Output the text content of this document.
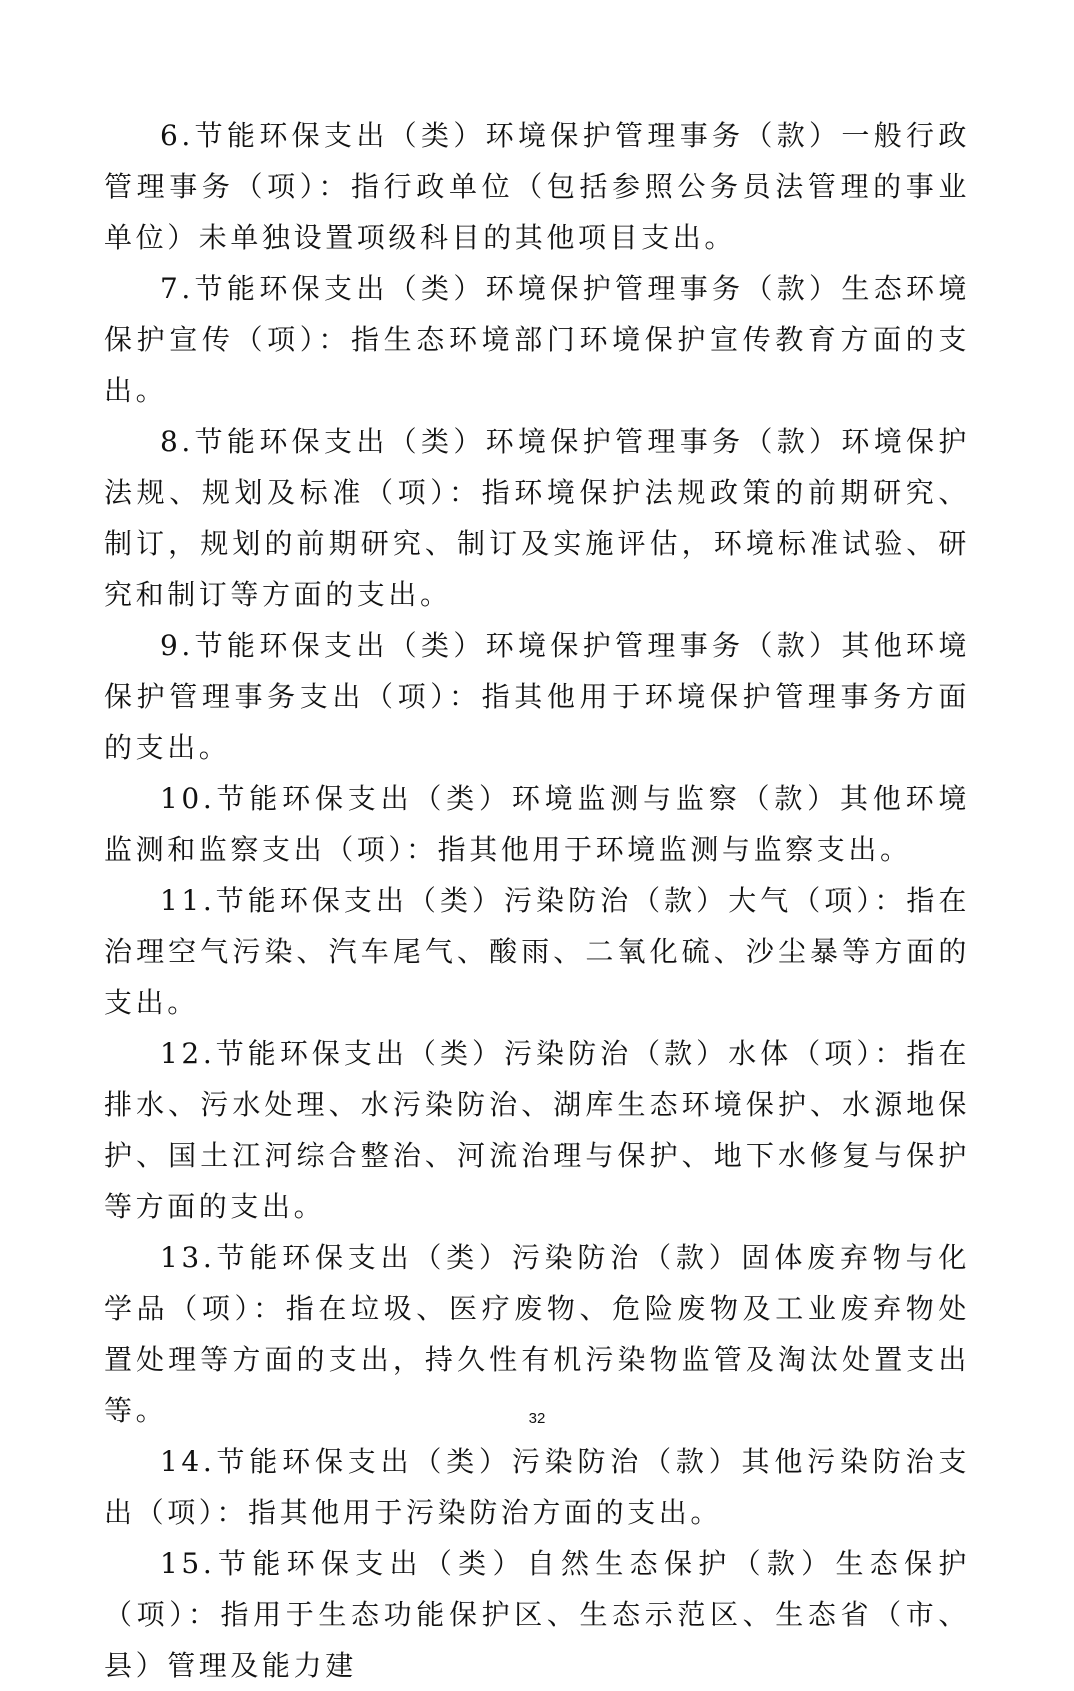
6.节能环保支出（类）环境保护管理事务（款）一般行政管理事务（项）：指行政单位（包括参照公务员法管理的事业单位）未单独设置项级科目的其他项目支出。

7.节能环保支出（类）环境保护管理事务（款）生态环境保护宣传（项）：指生态环境部门环境保护宣传教育方面的支出。

8.节能环保支出（类）环境保护管理事务（款）环境保护法规、规划及标准（项）：指环境保护法规政策的前期研究、制订，规划的前期研究、制订及实施评估，环境标准试验、研究和制订等方面的支出。

9.节能环保支出（类）环境保护管理事务（款）其他环境保护管理事务支出（项）：指其他用于环境保护管理事务方面的支出。

10.节能环保支出（类）环境监测与监察（款）其他环境监测和监察支出（项）：指其他用于环境监测与监察支出。

11.节能环保支出（类）污染防治（款）大气（项）：指在治理空气污染、汽车尾气、酸雨、二氧化硫、沙尘暴等方面的支出。

12.节能环保支出（类）污染防治（款）水体（项）：指在排水、污水处理、水污染防治、湖库生态环境保护、水源地保护、国土江河综合整治、河流治理与保护、地下水修复与保护等方面的支出。

13.节能环保支出（类）污染防治（款）固体废弃物与化学品（项）：指在垃圾、医疗废物、危险废物及工业废弃物处置处理等方面的支出，持久性有机污染物监管及淘汰处置支出等。

14.节能环保支出（类）污染防治（款）其他污染防治支出（项）：指其他用于污染防治方面的支出。

15.节能环保支出（类）自然生态保护（款）生态保护（项）：指用于生态功能保护区、生态示范区、生态省（市、县）管理及能力建

32
